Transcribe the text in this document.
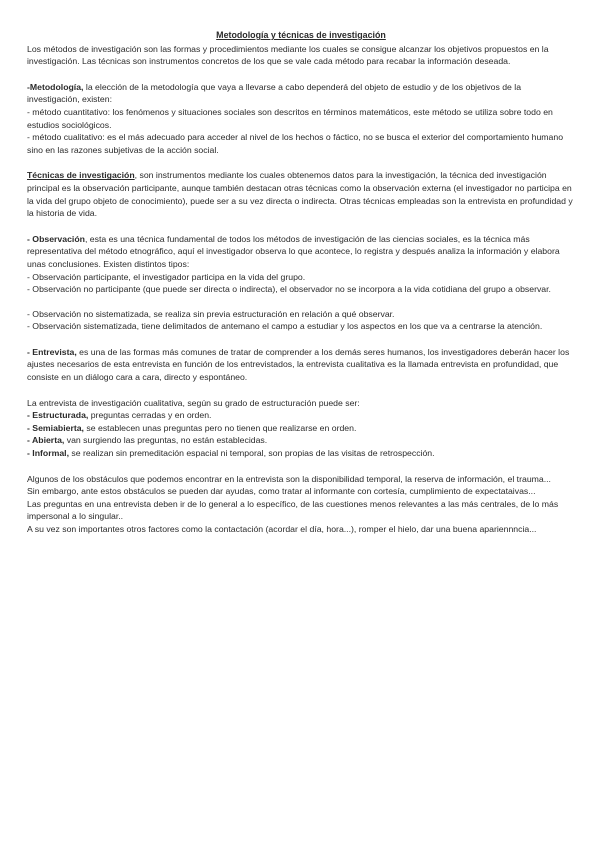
Metodología y técnicas de investigación

Los métodos de investigación son las formas y procedimientos mediante los cuales se consigue alcanzar los objetivos propuestos en la investigación. Las técnicas son instrumentos concretos de los que se vale cada método para recabar la información deseada.

-Metodología, la elección de la metodología que vaya a llevarse a cabo dependerá del objeto de estudio y de los objetivos de la investigación, existen:

- método cuantitativo: los fenómenos y situaciones sociales son descritos en términos matemáticos, este método se utiliza sobre todo en estudios sociológicos.

- método cualitativo: es el más adecuado para acceder al nivel de los hechos o fáctico, no se busca el exterior del comportamiento humano sino en las razones subjetivas de la acción social.

Técnicas de investigación, son instrumentos mediante los cuales obtenemos datos para la investigación, la técnica ded investigación principal es la observación participante, aunque también destacan otras técnicas como la observación externa (el investigador no participa en la vida del grupo objeto de conocimiento), puede ser a su vez directa o indirecta. Otras técnicas empleadas son la entrevista en profundidad y la historia de vida.

- Observación, esta es una técnica fundamental de todos los métodos de investigación de las ciencias sociales, es la técnica más representativa del método etnográfico, aquí el investigador observa lo que acontece, lo registra y después analiza la información y elabora unas conclusiones. Existen distintos tipos:

- Observación participante, el investigador participa en la vida del grupo.

- Observación no participante (que puede ser directa o indirecta), el observador no se incorpora a la vida cotidiana del grupo a observar.

- Observación no sistematizada, se realiza sin previa estructuración en relación a qué observar.

- Observación sistematizada, tiene delimitados de antemano el campo a estudiar y los aspectos en los que va a centrarse la atención.

- Entrevista, es una de las formas más comunes de tratar de comprender a los demás seres humanos, los investigadores deberán hacer los ajustes necesarios de esta entrevista en función de los entrevistados, la entrevista cualitativa es la llamada entrevista en profundidad, que consiste en un diálogo cara a cara, directo y espontáneo.

La entrevista de investigación cualitativa, según su grado de estructuración puede ser:

- Estructurada, preguntas cerradas y en orden.

- Semiabierta, se establecen unas preguntas pero no tienen que realizarse en orden.

- Abierta, van surgiendo las preguntas, no están establecidas.

- Informal, se realizan sin premeditación espacial ni temporal, son propias de las visitas de retrospección.

Algunos de los obstáculos que podemos encontrar en la entrevista son la disponibilidad temporal, la reserva de información, el trauma...

Sin embargo, ante estos obstáculos se pueden dar ayudas, como tratar al informante con cortesía, cumplimiento de expectataivas...

Las preguntas en una entrevista deben ir de lo general a lo específico, de las cuestiones menos relevantes a las más centrales, de lo más impersonal a lo singular..

A su vez son importantes otros factores como la contactación (acordar el día, hora...), romper el hielo, dar una buena apariennncia...
